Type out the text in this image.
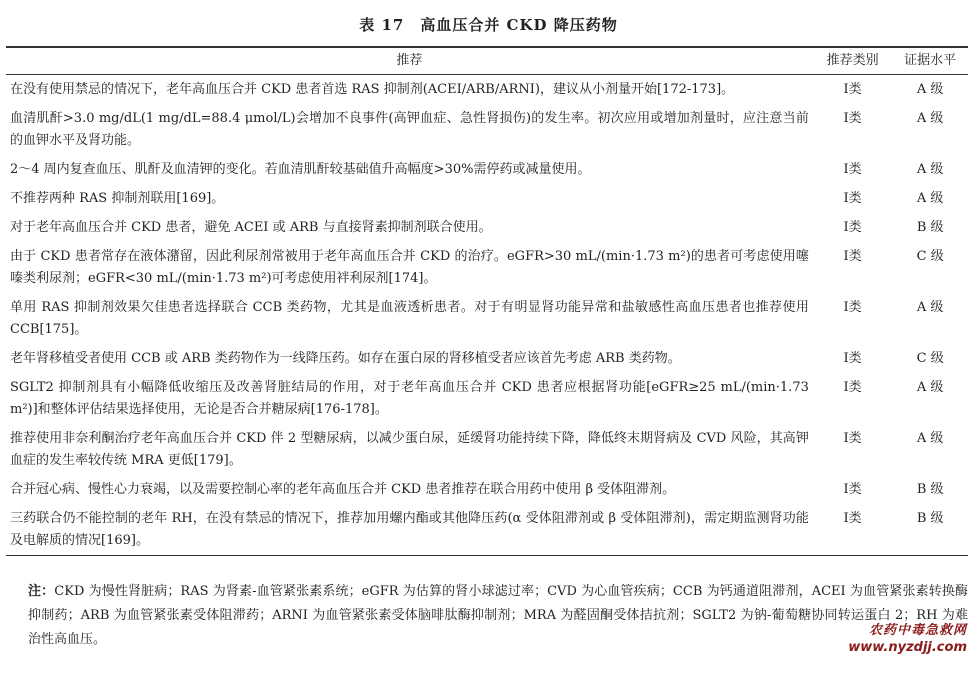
表 17　高血压合并 CKD 降压药物
推荐	推荐类别	证据水平
在没有使用禁忌的情况下，老年高血压合并 CKD 患者首选 RAS 抑制剂(ACEI/ARB/ARNI)，建议从小剂量开始[172-173]。	Ⅰ类	A 级
血清肌酐>3.0 mg/dL(1 mg/dL=88.4 μmol/L)会增加不良事件(高钾血症、急性肾损伤)的发生率。初次应用或增加剂量时，应注意当前的血钾水平及肾功能。	Ⅰ类	A 级
2～4 周内复查血压、肌酐及血清钾的变化。若血清肌酐较基础值升高幅度>30%需停药或减量使用。	Ⅰ类	A 级
不推荐两种 RAS 抑制剂联用[169]。	Ⅰ类	A 级
对于老年高血压合并 CKD 患者，避免 ACEI 或 ARB 与直接肾素抑制剂联合使用。	Ⅰ类	B 级
由于 CKD 患者常存在液体潴留，因此利尿剂常被用于老年高血压合并 CKD 的治疗。eGFR>30 mL/(min·1.73 m²)的患者可考虑使用噻嗪类利尿剂；eGFR<30 mL/(min·1.73 m²)可考虑使用袢利尿剂[174]。	Ⅰ类	C 级
单用 RAS 抑制剂效果欠佳患者选择联合 CCB 类药物，尤其是血液透析患者。对于有明显肾功能异常和盐敏感性高血压患者也推荐使用 CCB[175]。	Ⅰ类	A 级
老年肾移植受者使用 CCB 或 ARB 类药物作为一线降压药。如存在蛋白尿的肾移植受者应该首先考虑 ARB 类药物。	Ⅰ类	C 级
SGLT2 抑制剂具有小幅降低收缩压及改善肾脏结局的作用，对于老年高血压合并 CKD 患者应根据肾功能[eGFR≥25 mL/(min·1.73 m²)]和整体评估结果选择使用，无论是否合并糖尿病[176-178]。	Ⅰ类	A 级
推荐使用非奈利酮治疗老年高血压合并 CKD 伴 2 型糖尿病，以减少蛋白尿，延缓肾功能持续下降，降低终末期肾病及 CVD 风险，其高钾血症的发生率较传统 MRA 更低[179]。	Ⅰ类	A 级
合并冠心病、慢性心力衰竭，以及需要控制心率的老年高血压合并 CKD 患者推荐在联合用药中使用 β 受体阻滞剂。	Ⅰ类	B 级
三药联合仍不能控制的老年 RH，在没有禁忌的情况下，推荐加用螺内酯或其他降压药(α 受体阻滞剂或 β 受体阻滞剂)，需定期监测肾功能及电解质的情况[169]。	Ⅰ类	B 级
注：CKD 为慢性肾脏病；RAS 为肾素-血管紧张素系统；eGFR 为估算的肾小球滤过率；CVD 为心血管疾病；CCB 为钙通道阻滞剂，ACEI 为血管紧张素转换酶抑制药；ARB 为血管紧张素受体阻滞药；ARNI 为血管紧张素受体脑啡肽酶抑制剂；MRA 为醛固酮受体拮抗剂；SGLT2 为钠-葡萄糖协同转运蛋白 2；RH 为难治性高血压。
农药中毒急救网
www.nyzdjj.com
